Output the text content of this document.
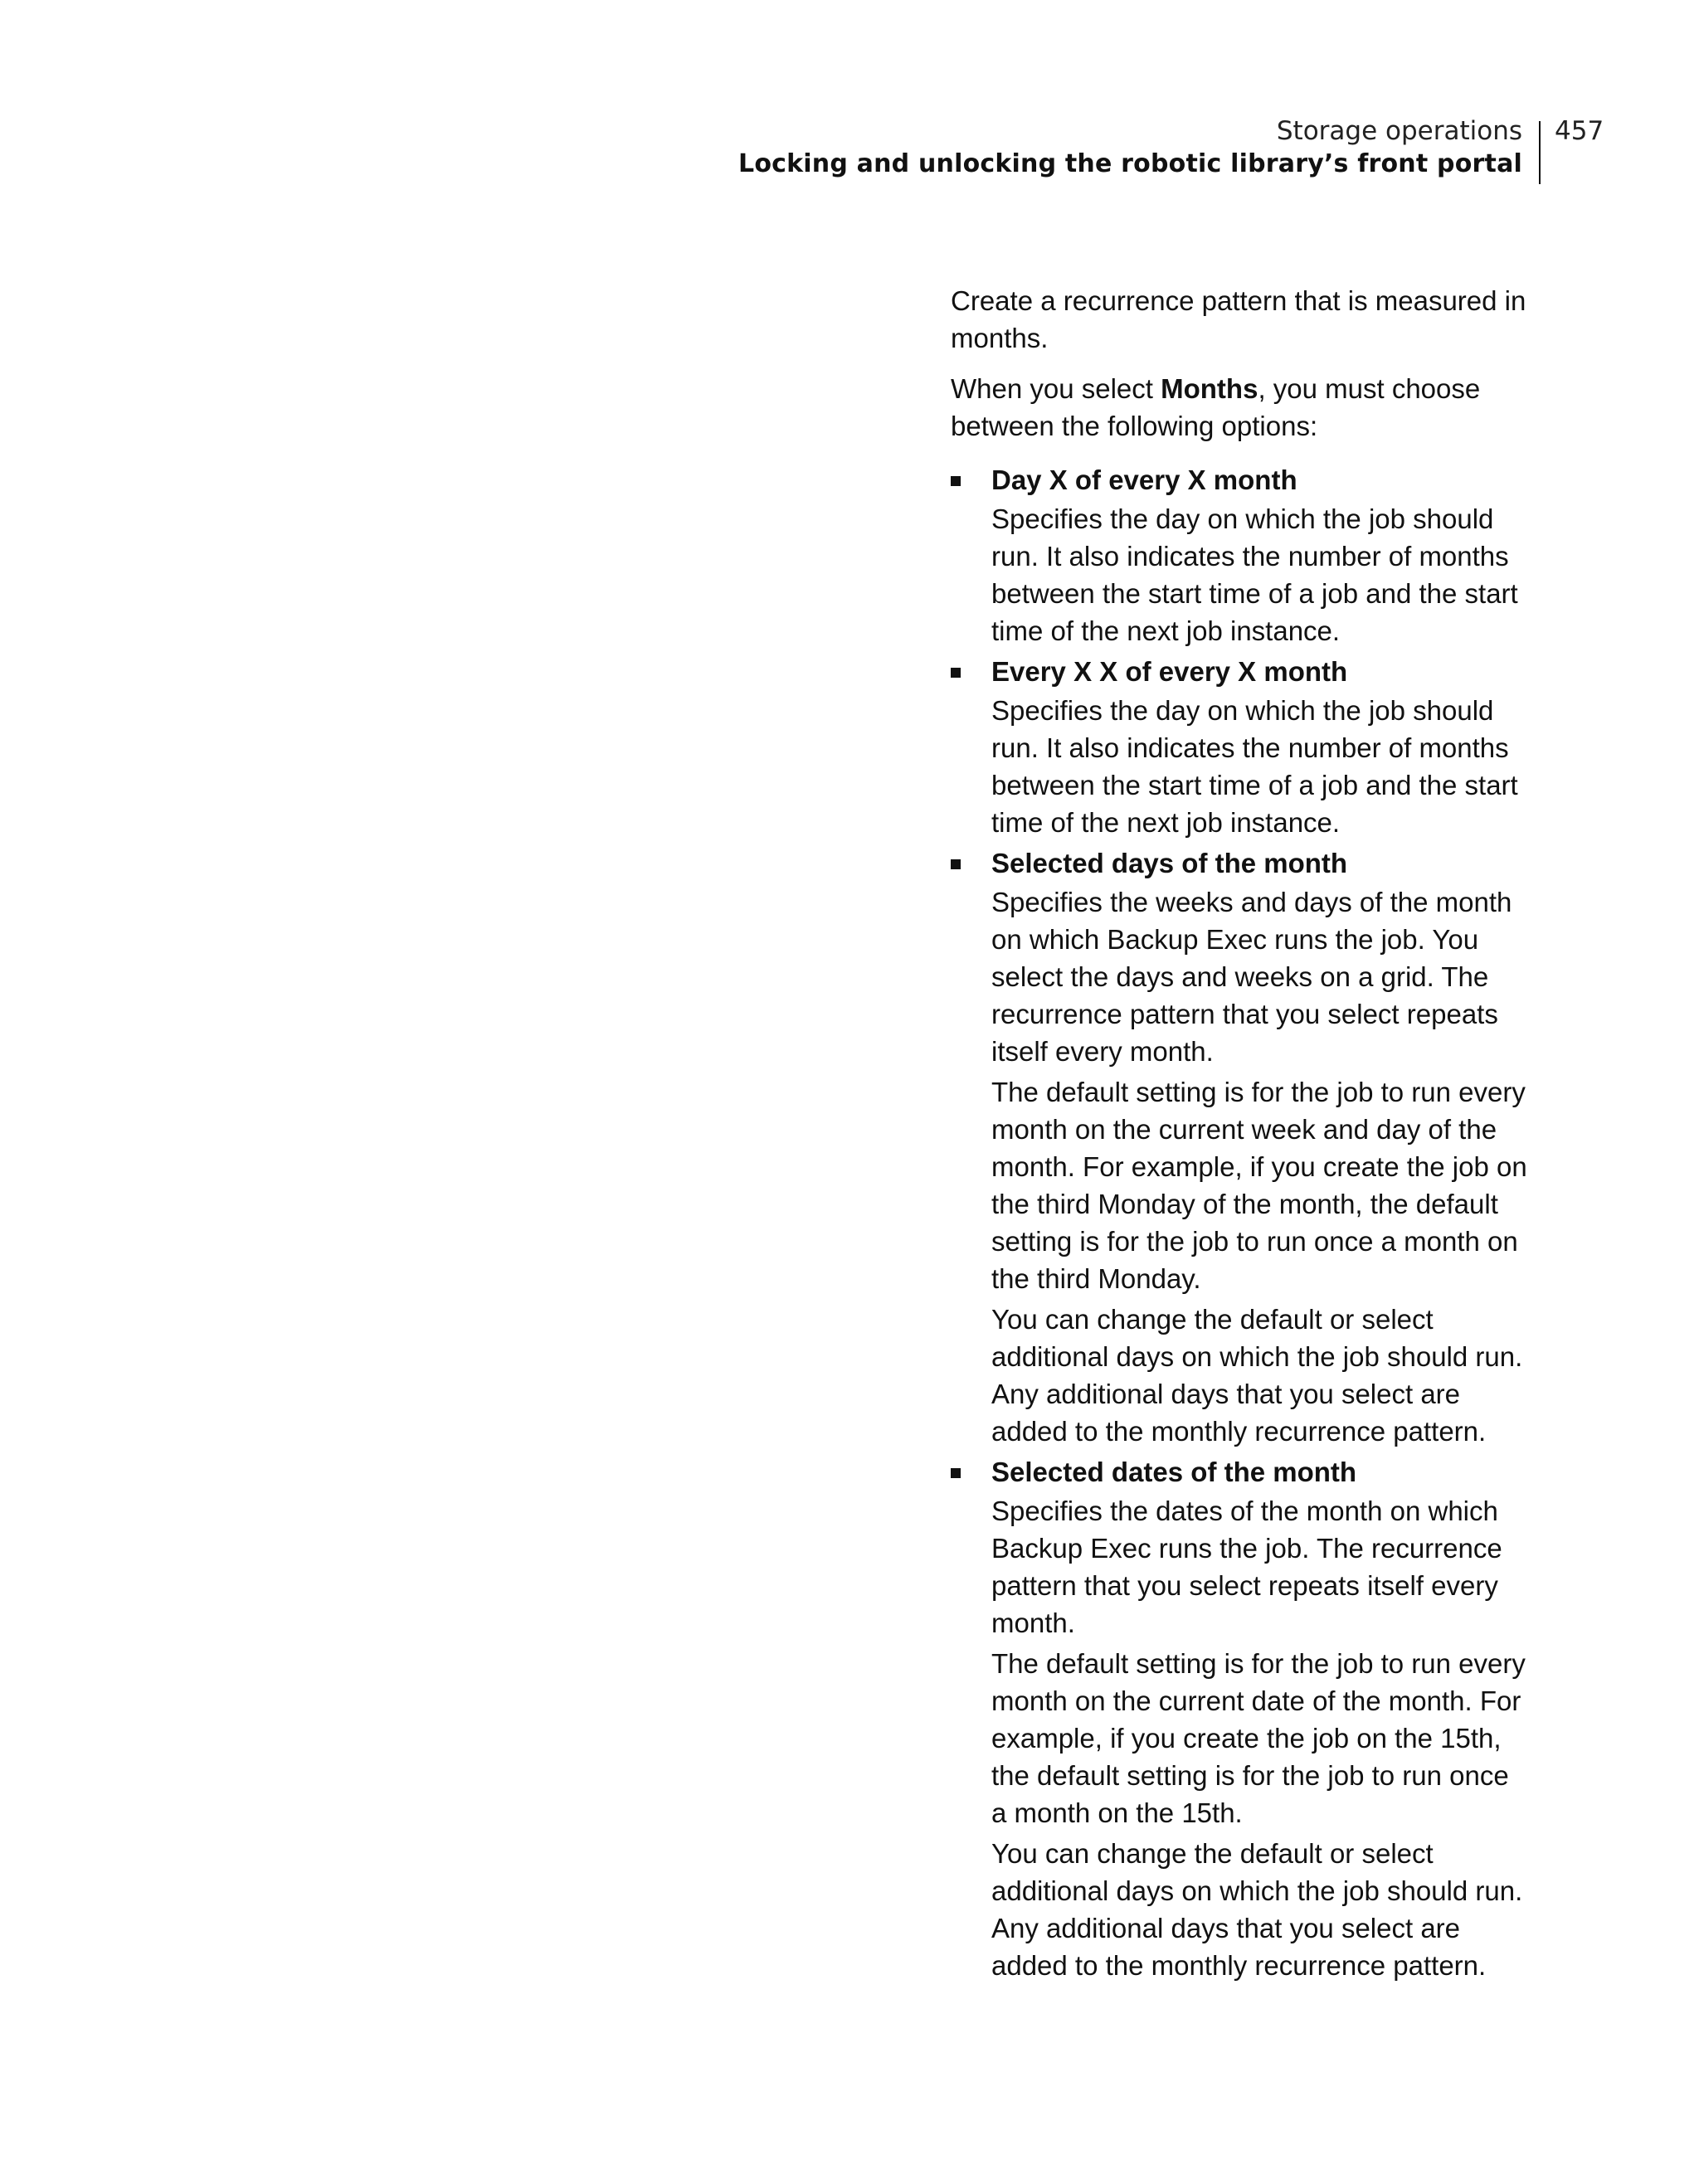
Storage operations
Locking and unlocking the robotic library’s front portal
457

Create a recurrence pattern that is measured in months.

When you select Months, you must choose between the following options:

Day X of every X month

Specifies the day on which the job should run. It also indicates the number of months between the start time of a job and the start time of the next job instance.

Every X X of every X month

Specifies the day on which the job should run. It also indicates the number of months between the start time of a job and the start time of the next job instance.

Selected days of the month

Specifies the weeks and days of the month on which Backup Exec runs the job. You select the days and weeks on a grid. The recurrence pattern that you select repeats itself every month.

The default setting is for the job to run every month on the current week and day of the month. For example, if you create the job on the third Monday of the month, the default setting is for the job to run once a month on the third Monday.

You can change the default or select additional days on which the job should run. Any additional days that you select are added to the monthly recurrence pattern.

Selected dates of the month

Specifies the dates of the month on which Backup Exec runs the job. The recurrence pattern that you select repeats itself every month.

The default setting is for the job to run every month on the current date of the month. For example, if you create the job on the 15th, the default setting is for the job to run once a month on the 15th.

You can change the default or select additional days on which the job should run. Any additional days that you select are added to the monthly recurrence pattern.
